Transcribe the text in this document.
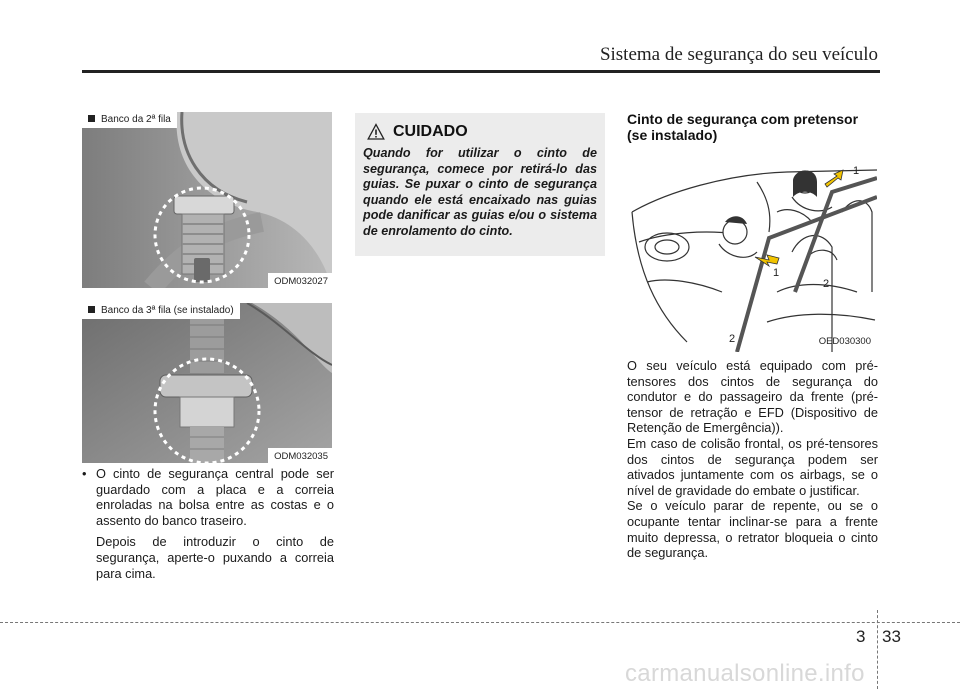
Sistema de segurança do seu veículo
Banco da 2ª fila
ODM032027
Banco da 3ª fila (se instalado)
ODM032035
• O cinto de segurança central pode ser guardado com a placa e a correia enroladas na bolsa entre as costas e o assento do banco traseiro.

Depois de introduzir o cinto de segurança, aperte-o puxando a correia para cima.

CUIDADO

Quando for utilizar o cinto de segurança, comece por retirá-lo das guias. Se puxar o cinto de segurança quando ele está encaixado nas guias pode danificar as guias e/ou o sistema de enrolamento do cinto.

Cinto de segurança com pretensor (se instalado)
1
1
2
2	OED030300

O seu veículo está equipado com pré-tensores dos cintos de segurança do condutor e do passageiro da frente (pré-tensor de retração e EFD (Dispositivo de Retenção de Emergência)).

Em caso de colisão frontal, os pré-tensores dos cintos de segurança podem ser ativados juntamente com os airbags, se o nível de gravidade do embate o justificar.

Se o veículo parar de repente, ou se o ocupante tentar inclinar-se para a frente muito depressa, o retrator bloqueia o cinto de segurança.

3 33
carmanualsonline.info
